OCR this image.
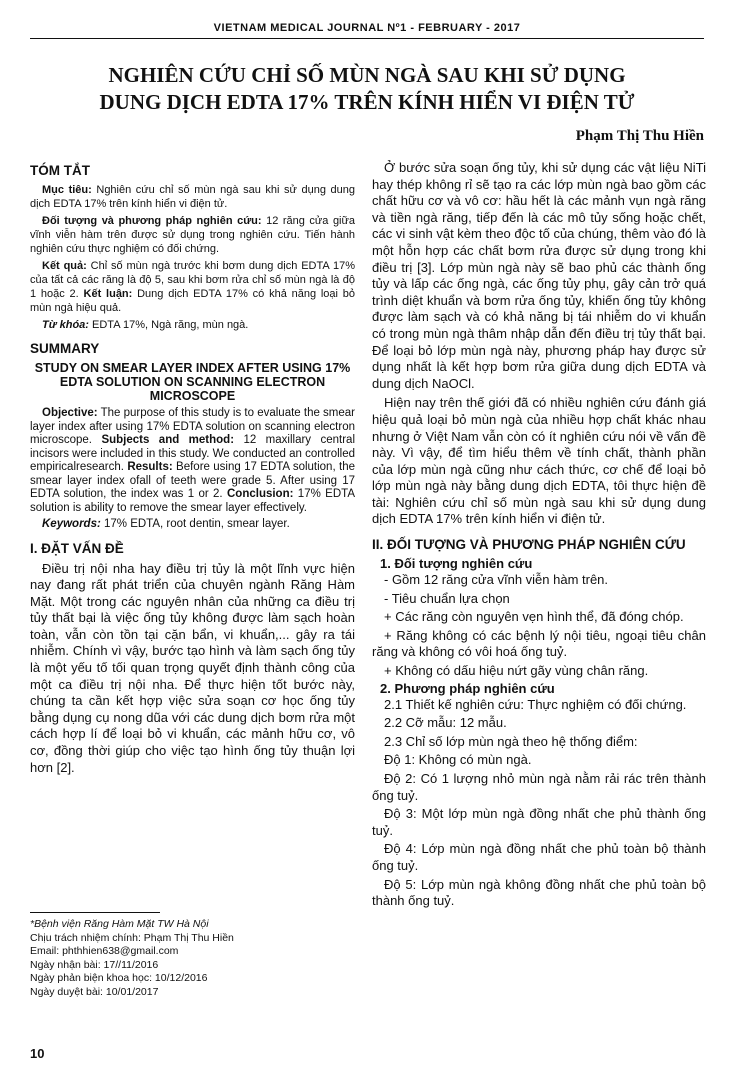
VIETNAM MEDICAL JOURNAL Nº1 - FEBRUARY - 2017
NGHIÊN CỨU CHỈ SỐ MÙN NGÀ SAU KHI SỬ DỤNG
DUNG DỊCH EDTA 17% TRÊN KÍNH HIỂN VI ĐIỆN TỬ
Phạm Thị Thu Hiền
TÓM TẮT

Mục tiêu: Nghiên cứu chỉ số mùn ngà sau khi sử dụng dung dịch EDTA 17% trên kính hiển vi điện tử.

Đối tượng và phương pháp nghiên cứu: 12 răng cửa giữa vĩnh viễn hàm trên được sử dụng trong nghiên cứu. Tiến hành nghiên cứu thực nghiệm có đối chứng.

Kết quả: Chỉ số mùn ngà trước khi bơm dung dịch EDTA 17% của tất cả các răng là độ 5, sau khi bơm rửa chỉ số mùn ngà là độ 1 hoặc 2. Kết luận: Dung dịch EDTA 17% có khả năng loại bỏ mùn ngà hiệu quả.

Từ khóa: EDTA 17%, Ngà răng, mùn ngà.

SUMMARY
STUDY ON SMEAR LAYER INDEX AFTER USING 17% EDTA SOLUTION ON SCANNING ELECTRON MICROSCOPE

Objective: The purpose of this study is to evaluate the smear layer index after using 17% EDTA solution on scanning electron microscope. Subjects and method: 12 maxillary central incisors were included in this study. We conducted an controlled empiricalresearch. Results: Before using 17 EDTA solution, the smear layer index ofall of teeth were grade 5. After using 17 EDTA solution, the index was 1 or 2. Conclusion: 17% EDTA solution is ability to remove the smear layer effectively.

Keywords: 17% EDTA, root dentin, smear layer.

I. ĐẶT VẤN ĐỀ

Điều trị nội nha hay điều trị tủy là một lĩnh vực hiện nay đang rất phát triển của chuyên ngành Răng Hàm Mặt. Một trong các nguyên nhân của những ca điều trị tủy thất bại là việc ống tủy không được làm sạch hoàn toàn, vẫn còn tồn tại cặn bẩn, vi khuẩn,... gây ra tái nhiễm. Chính vì vậy, bước tạo hình và làm sạch ống tủy là một yếu tố tối quan trọng quyết định thành công của một ca điều trị nội nha. Để thực hiện tốt bước này, chúng ta cần kết hợp việc sửa soạn cơ học ống tủy bằng dụng cụ nong dũa với các dung dịch bơm rửa một cách hợp lí để loại bỏ vi khuẩn, các mảnh hữu cơ, vô cơ, đồng thời giúp cho việc tạo hình ống tủy thuận lợi hơn [2].

Ở bước sửa soạn ống tủy, khi sử dụng các vật liệu NiTi hay thép không rỉ sẽ tạo ra các lớp mùn ngà bao gồm các chất hữu cơ và vô cơ: hầu hết là các mảnh vụn ngà răng và tiền ngà răng, tiếp đến là các mô tủy sống hoặc chết, các vi sinh vật kèm theo độc tố của chúng, thêm vào đó là một hỗn hợp các chất bơm rửa được sử dụng trong khi điều trị [3]. Lớp mùn ngà này sẽ bao phủ các thành ống tủy và lấp các ống ngà, các ống tủy phụ, gây cản trở quá trình diệt khuẩn và bơm rửa ống tủy, khiến ống tủy không được làm sạch và có khả năng bị tái nhiễm do vi khuẩn có trong mùn ngà thâm nhập dẫn đến điều trị tủy thất bại. Để loại bỏ lớp mùn ngà này, phương pháp hay được sử dụng nhất là kết hợp bơm rửa giữa dung dịch EDTA và dung dịch NaOCl.

Hiện nay trên thế giới đã có nhiều nghiên cứu đánh giá hiệu quả loại bỏ mùn ngà của nhiều hợp chất khác nhau nhưng ở Việt Nam vẫn còn có ít nghiên cứu nói về vấn đề này. Vì vậy, để tìm hiểu thêm về tính chất, thành phần của lớp mùn ngà cũng như cách thức, cơ chế để loại bỏ lớp mùn ngà này bằng dung dịch EDTA, tôi thực hiện đề tài: Nghiên cứu chỉ số mùn ngà sau khi sử dụng dung dịch EDTA 17% trên kính hiển vi điện tử.

II. ĐỐI TƯỢNG VÀ PHƯƠNG PHÁP NGHIÊN CỨU
1. Đối tượng nghiên cứu

- Gồm 12 răng cửa vĩnh viễn hàm trên.

- Tiêu chuẩn lựa chọn

+ Các răng còn nguyên vẹn hình thể, đã đóng chóp.

+ Răng không có các bệnh lý nội tiêu, ngoại tiêu chân răng và không có vôi hoá ống tuỷ.

+ Không có dấu hiệu nứt gãy vùng chân răng.

2. Phương pháp nghiên cứu

2.1 Thiết kế nghiên cứu: Thực nghiệm có đối chứng.

2.2 Cỡ mẫu: 12 mẫu.

2.3 Chỉ số lớp mùn ngà theo hệ thống điểm:

Độ 1: Không có mùn ngà.

Độ 2: Có 1 lượng nhỏ mùn ngà nằm rải rác trên thành ống tuỷ.

Độ 3: Một lớp mùn ngà đồng nhất che phủ thành ống tuỷ.

Độ 4: Lớp mùn ngà đồng nhất che phủ toàn bộ thành ống tuỷ.

Độ 5: Lớp mùn ngà không đồng nhất che phủ toàn bộ thành ống tuỷ.

*Bệnh viện Răng Hàm Mặt TW Hà Nội
Chịu trách nhiệm chính: Phạm Thị Thu Hiền
Email: phthhien638@gmail.com
Ngày nhận bài: 17//11/2016
Ngày phản biện khoa học: 10/12/2016
Ngày duyệt bài: 10/01/2017
10
